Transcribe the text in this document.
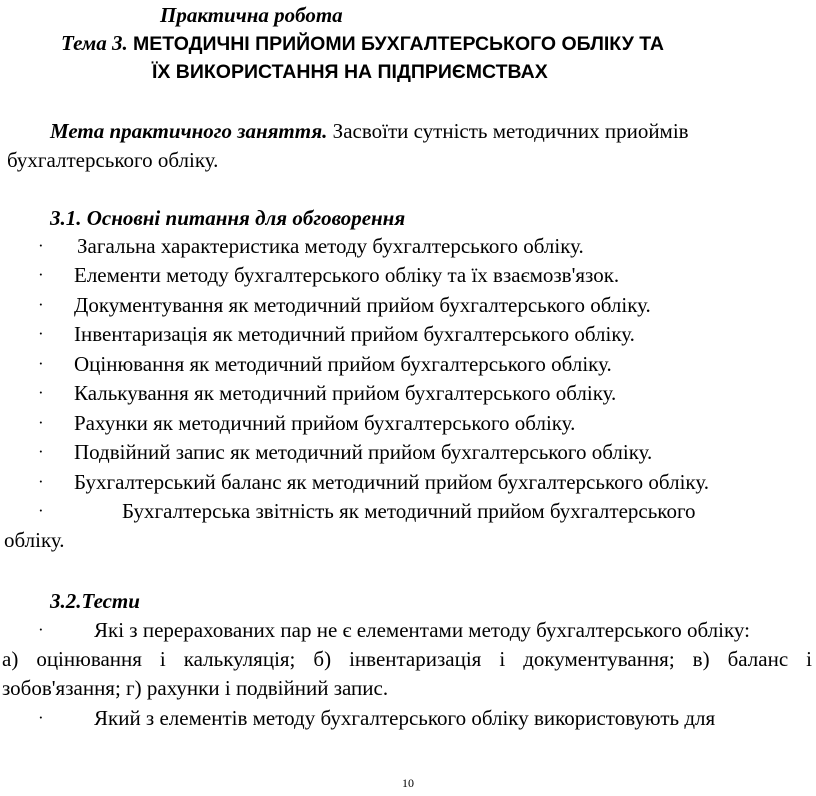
Практична робота
Тема 3. МЕТОДИЧНІ ПРИЙОМИ БУХГАЛТЕРСЬКОГО ОБЛІКУ ТА
ЇХ ВИКОРИСТАННЯ НА ПІДПРИЄМСТВАХ
Мета практичного заняття. Засвоїти сутність методичних приоймів
бухгалтерського обліку.
3.1. Основні питання для обговорення
· Загальна характеристика методу бухгалтерського обліку.
· Елементи методу бухгалтерського обліку та їх взаємозв'язок.
· Документування як методичний прийом бухгалтерського обліку.
· Інвентаризація як методичний прийом бухгалтерського обліку.
· Оцінювання як методичний прийом бухгалтерського обліку.
· Калькування як методичний прийом бухгалтерського обліку.
· Рахунки як методичний прийом бухгалтерського обліку.
· Подвійний запис як методичний прийом бухгалтерського обліку.
· Бухгалтерський баланс як методичний прийом бухгалтерського обліку.
·	Бухгалтерська звітність як методичний прийом бухгалтерського
обліку.
3.2.Тести
· Які з перерахованих пар не є елементами методу бухгалтерського обліку:
а) оцінювання і калькуляція; б) інвентаризація і документування; в) баланс і
зобов'язання; г) рахунки і подвійний запис.
· Який з елементів методу бухгалтерського обліку використовують для
10
